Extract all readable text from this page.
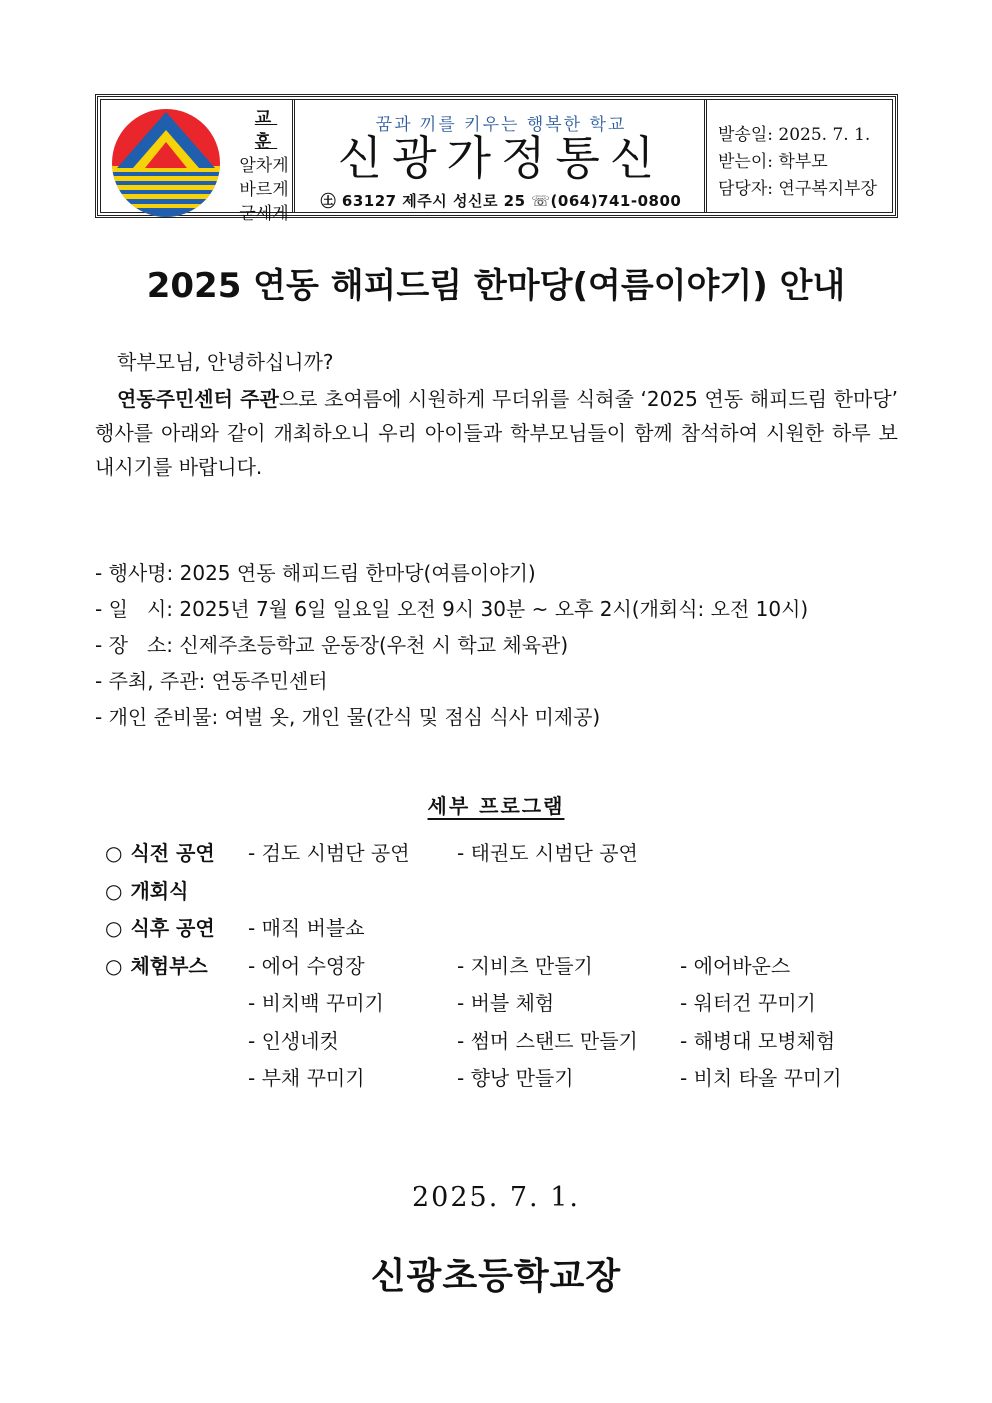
교 훈
알차게
바르게
굳세게
꿈과 끼를 키우는 행복한 학교
신광가정통신
㊏ 63127 제주시 성신로 25 ☏(064)741-0800
발송일: 2025. 7. 1.
받는이: 학부모
담당자: 연구복지부장
2025 연동 해피드림 한마당(여름이야기) 안내
학부모님, 안녕하십니까?
연동주민센터 주관으로 초여름에 시원하게 무더위를 식혀줄 ‘2025 연동 해피드림 한마당’ 행사를 아래와 같이 개최하오니 우리 아이들과 학부모님들이 함께 참석하여 시원한 하루 보내시기를 바랍니다.
- 행사명: 2025 연동 해피드림 한마당(여름이야기)
- 일   시: 2025년 7월 6일 일요일 오전 9시 30분 ~ 오후 2시(개회식: 오전 10시)
- 장   소: 신제주초등학교 운동장(우천 시 학교 체육관)
- 주최, 주관: 연동주민센터
- 개인 준비물: 여벌 옷, 개인 물(간식 및 점심 식사 미제공)
세부 프로그램
○ 식전 공연	- 검도 시범단 공연 - 태권도 시범단 공연
○ 개회식
○ 식후 공연	- 매직 버블쇼
○ 체험부스	- 에어 수영장	- 지비츠 만들기	- 에어바운스
- 비치백 꾸미기	- 버블 체험	- 워터건 꾸미기
- 인생네컷	- 썸머 스탠드 만들기 - 해병대 모병체험
- 부채 꾸미기	- 향낭 만들기	- 비치 타올 꾸미기
2025. 7. 1.
신광초등학교장
